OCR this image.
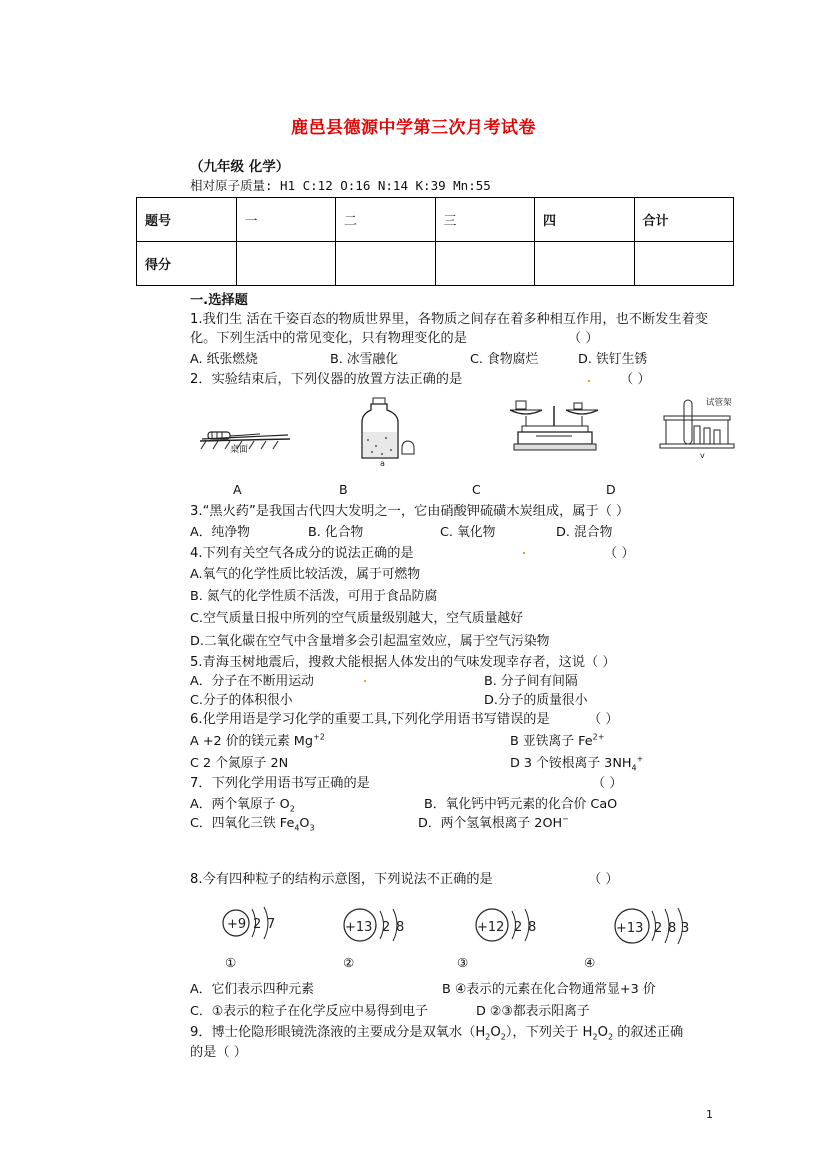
鹿邑县德源中学第三次月考试卷
（九年级 化学）
相对原子质量: H1 C:12 O:16 N:14 K:39 Mn:55
题号	一	二	三	四	合计
得分					
一.选择题
1.我们生 活在千姿百态的物质世界里，各物质之间存在着多种相互作用，也不断发生着变
化。下列生活中的常见变化，只有物理变化的是	（ ）
A. 纸张燃烧	B. 冰雪融化	C. 食物腐烂	D. 铁钉生锈
2．实验结束后，下列仪器的放置方法正确的是	（ ）
桌面
a
v
试管架
A	B	C	D
3.“黑火药”是我国古代四大发明之一，它由硝酸钾硫磺木炭组成，属于（ ）
A．纯净物	B. 化合物	C. 氧化物	D. 混合物
4.下列有关空气各成分的说法正确的是	（ ）
A.氧气的化学性质比较活泼，属于可燃物
B. 氮气的化学性质不活泼，可用于食品防腐
C.空气质量日报中所列的空气质量级别越大，空气质量越好
D.二氧化碳在空气中含量增多会引起温室效应，属于空气污染物
5.青海玉树地震后，搜救犬能根据人体发出的气味发现幸存者，这说（ ）
A．分子在不断用运动	B. 分子间有间隔
C.分子的体积很小	D.分子的质量很小
6.化学用语是学习化学的重要工具,下列化学用语书写错误的是	（ ）
A +2 价的镁元素 $Mg^{+2}$	B 亚铁离子 $Fe^{2+}$
C 2 个氮原子 2N	D 3 个铵根离子 $3NH_4^+$
7．下列化学用语书写正确的是	（ ）
A．两个氧原子 $O_2$	B．氧化钙中钙元素的化合价 CaO
C．四氧化三铁 $Fe_4O_3$	D．两个氢氧根离子 2OH−
8.今有四种粒子的结构示意图，下列说法不正确的是	（ ）
+9 2 7	+13 2 8	+12 2 8	+13 2 8 3
①	②	③	④
A．它们表示四种元素	B ④表示的元素在化合物通常显+3 价
C．①表示的粒子在化学反应中易得到电子	D ②③都表示阳离子
9．博士伦隐形眼镜洗涤液的主要成分是双氧水$(H_2O_2)$，下列关于 $H_2O_2$ 的叙述正确
的是（ ）
1
